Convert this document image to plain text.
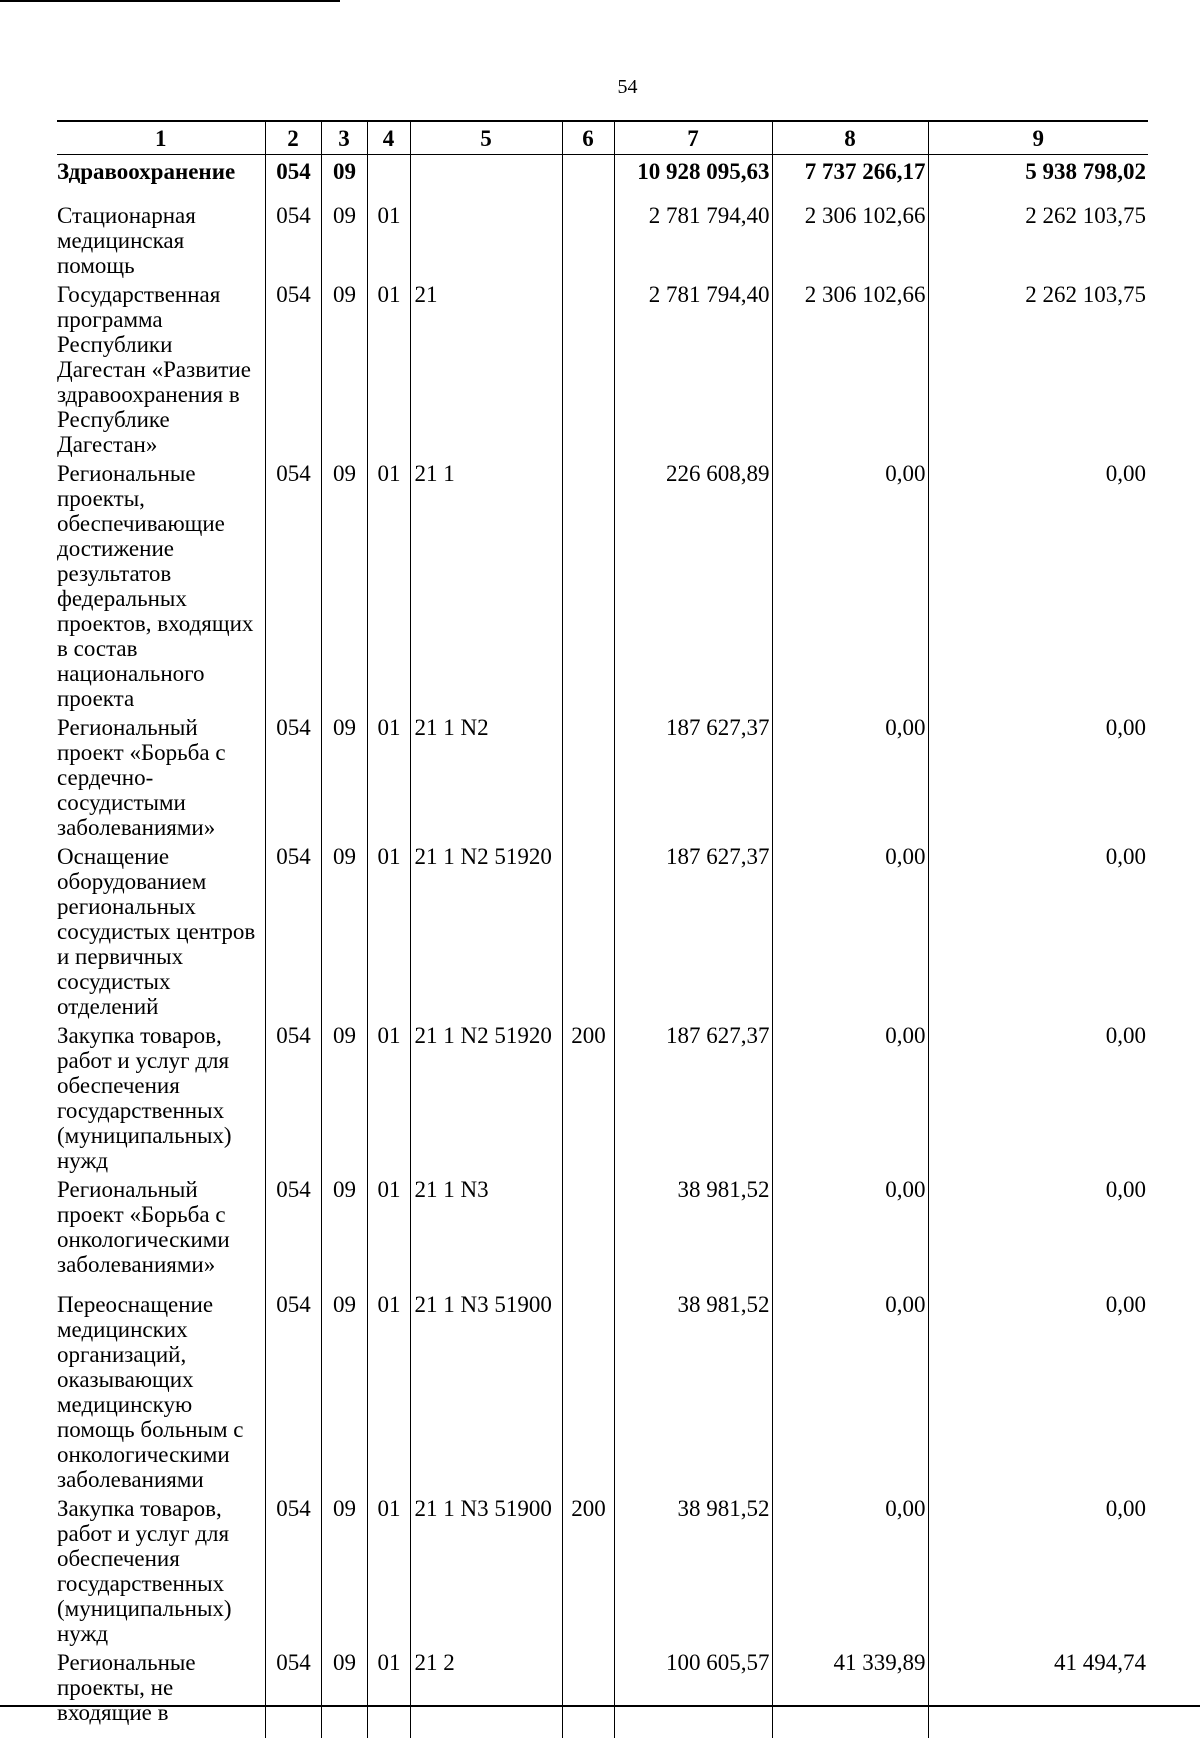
54
1	2	3	4	5	6	7	8	9
Здравоохранение	054	09				10 928 095,63	7 737 266,17	5 938 798,02
Стационарная медицинская помощь	054	09	01			2 781 794,40	2 306 102,66	2 262 103,75
Государственная программа Республики Дагестан «Развитие здравоохранения в Республике Дагестан»	054	09	01	21		2 781 794,40	2 306 102,66	2 262 103,75
Региональные проекты, обеспечивающие достижение результатов федеральных проектов, входящих в состав национального проекта	054	09	01	21 1		226 608,89	0,00	0,00
Региональный проект «Борьба с сердечно-сосудистыми заболеваниями»	054	09	01	21 1 N2		187 627,37	0,00	0,00
Оснащение оборудованием региональных сосудистых центров и первичных сосудистых отделений	054	09	01	21 1 N2 51920		187 627,37	0,00	0,00
Закупка товаров, работ и услуг для обеспечения государственных (муниципальных) нужд	054	09	01	21 1 N2 51920	200	187 627,37	0,00	0,00
Региональный проект «Борьба с онкологическими заболеваниями»	054	09	01	21 1 N3		38 981,52	0,00	0,00
Переоснащение медицинских организаций, оказывающих медицинскую помощь больным с онкологическими заболеваниями	054	09	01	21 1 N3 51900		38 981,52	0,00	0,00
Закупка товаров, работ и услуг для обеспечения государственных (муниципальных) нужд	054	09	01	21 1 N3 51900	200	38 981,52	0,00	0,00
Региональные проекты, не входящие в	054	09	01	21 2		100 605,57	41 339,89	41 494,74
